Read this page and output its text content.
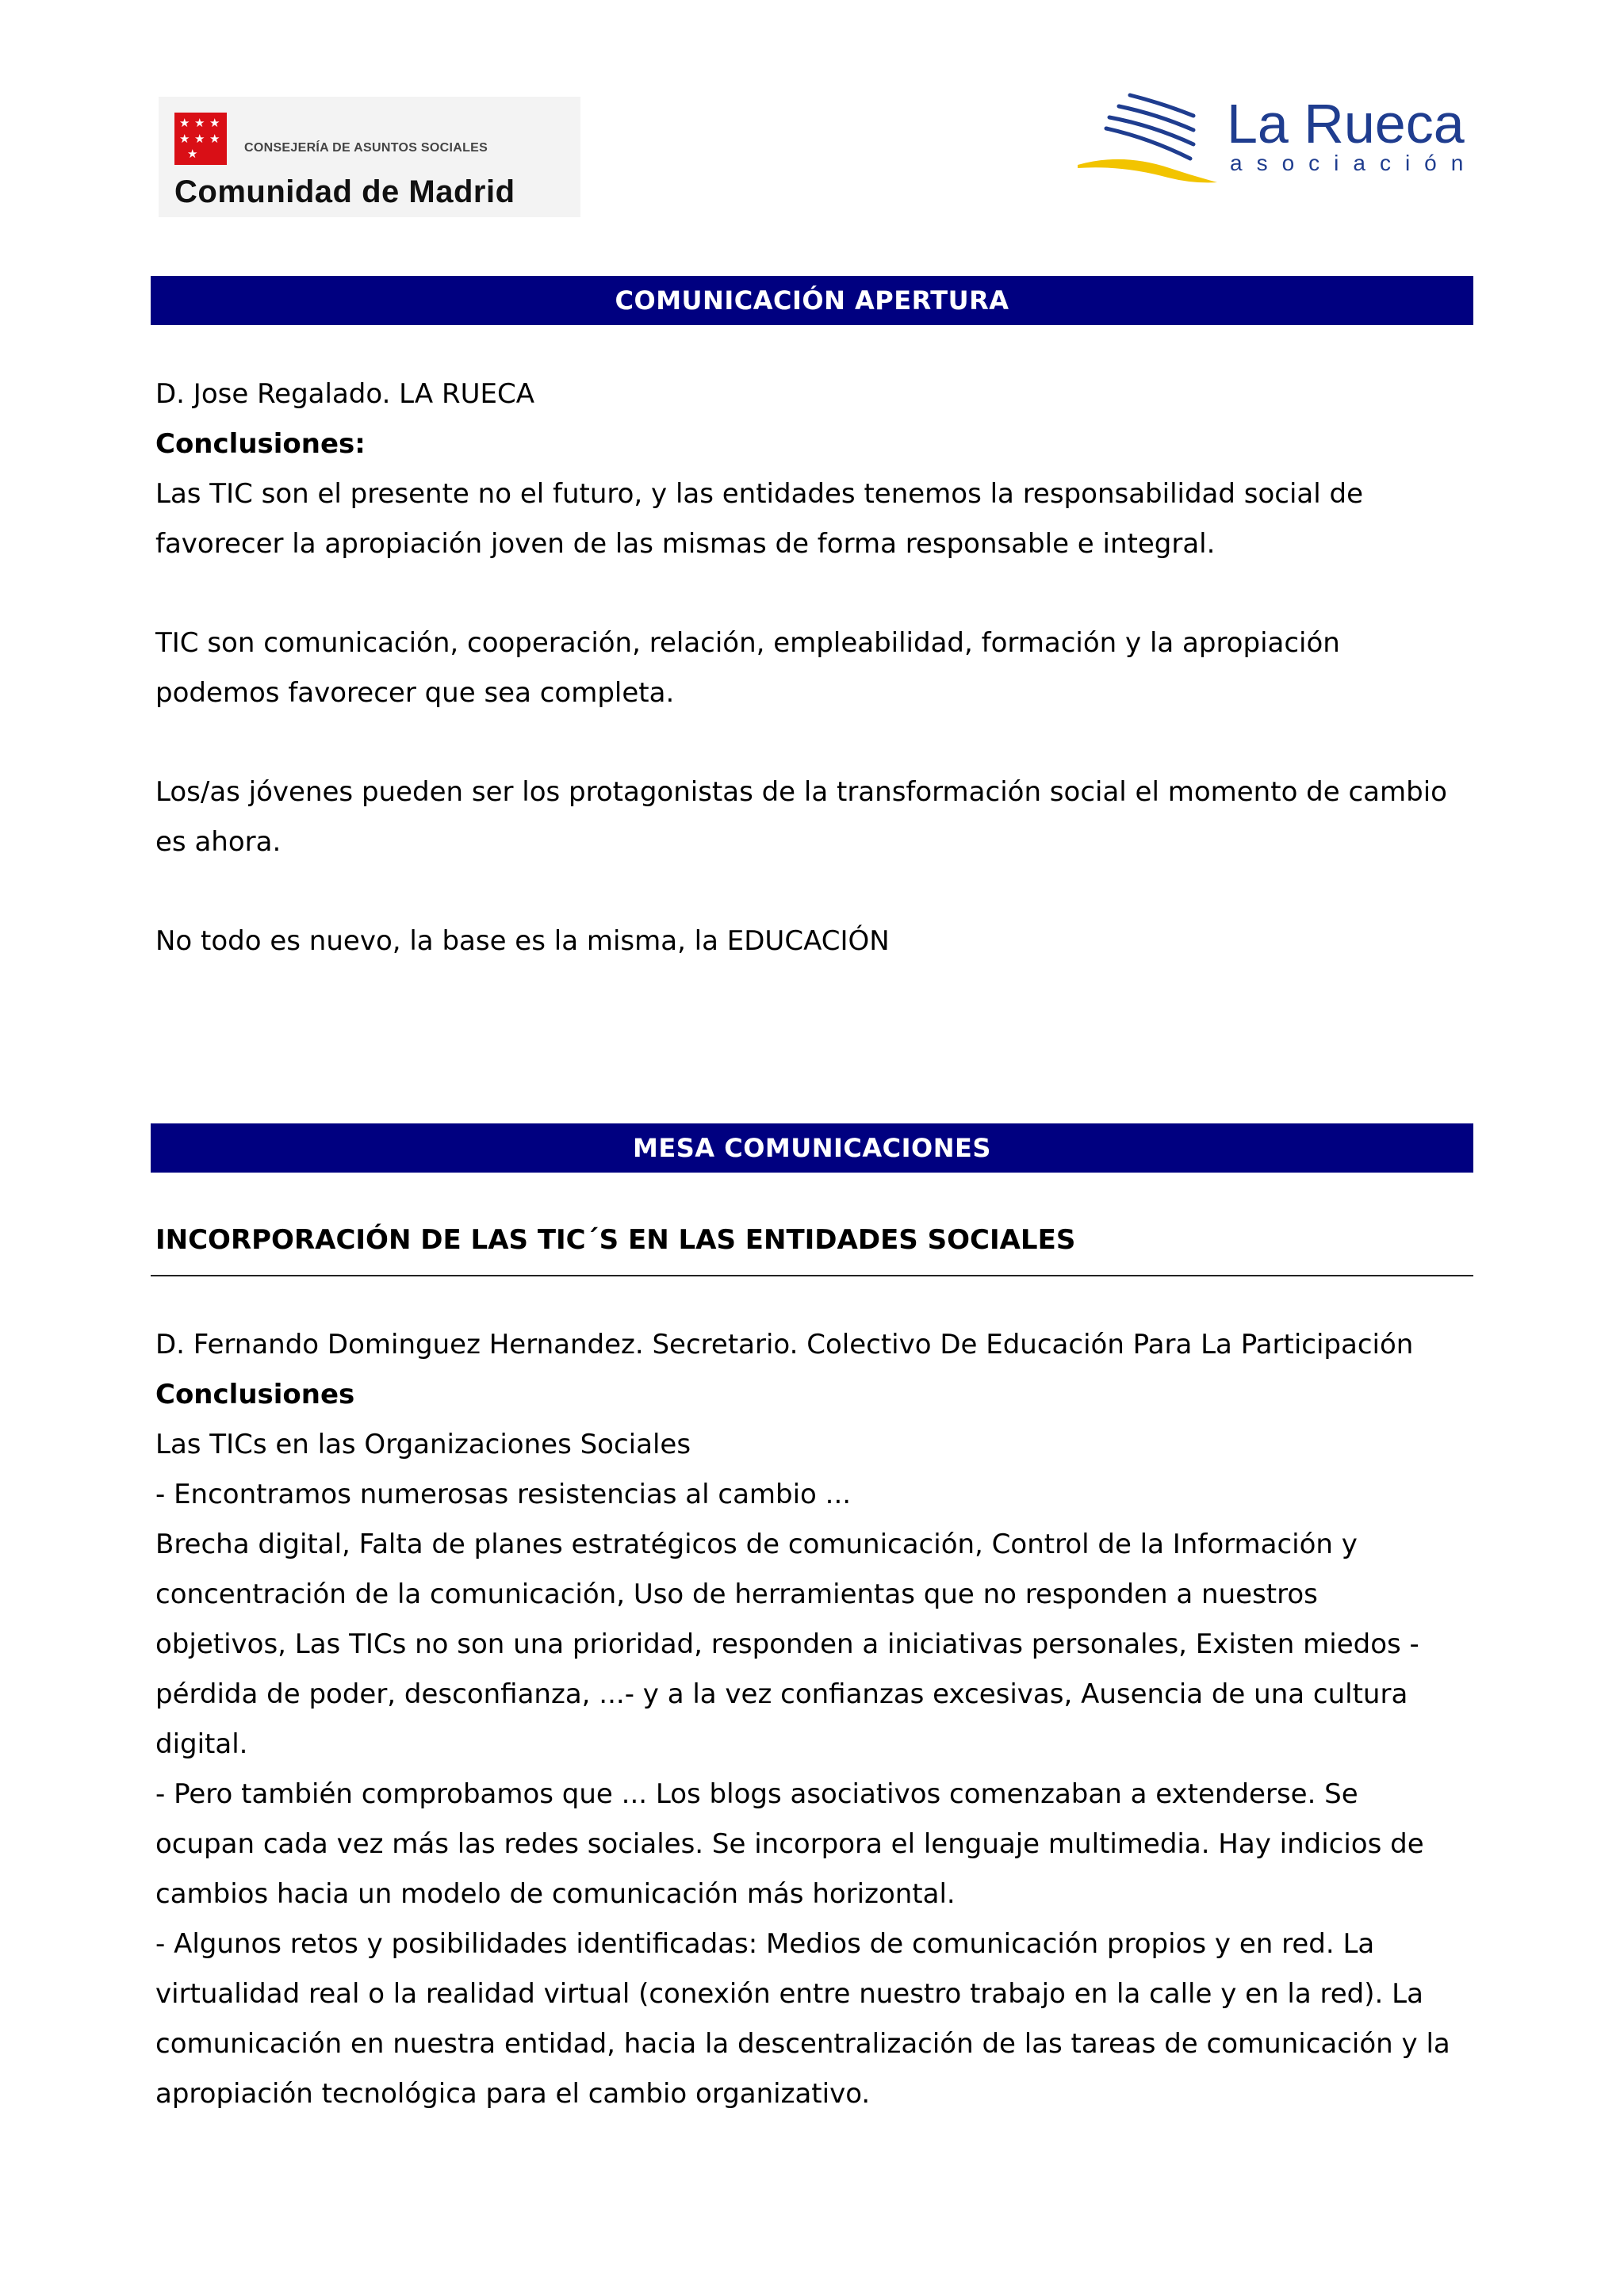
★ ★ ★
★ ★ ★
★	CONSEJERÍA DE ASUNTOS SOCIALES
Comunidad de Madrid
La Rueca
asociación
COMUNICACIÓN APERTURA

D. Jose Regalado. LA RUECA

Conclusiones:

Las TIC son el presente no el futuro, y las entidades tenemos la responsabilidad social de

favorecer la apropiación joven de las mismas de forma responsable e integral.

TIC son comunicación, cooperación, relación, empleabilidad, formación y la apropiación

podemos favorecer que sea completa.

Los/as jóvenes pueden ser los protagonistas de la transformación social el momento de cambio

es ahora.

No todo es nuevo, la base es la misma, la EDUCACIÓN

MESA COMUNICACIONES

INCORPORACIÓN DE LAS TIC´S EN LAS ENTIDADES SOCIALES

D. Fernando Dominguez Hernandez. Secretario. Colectivo De Educación Para La Participación

Conclusiones

Las TICs en las Organizaciones Sociales

- Encontramos numerosas resistencias al cambio ...

Brecha digital, Falta de planes estratégicos de comunicación, Control de la Información y

concentración de la comunicación, Uso de herramientas que no responden a nuestros

objetivos, Las TICs no son una prioridad, responden a iniciativas personales, Existen miedos -

pérdida de poder, desconfianza, ...- y a la vez confianzas excesivas, Ausencia de una cultura

digital.

- Pero también comprobamos que ... Los blogs asociativos comenzaban a extenderse. Se

ocupan cada vez más las redes sociales. Se incorpora el lenguaje multimedia. Hay indicios de

cambios hacia un modelo de comunicación más horizontal.

- Algunos retos y posibilidades identificadas: Medios de comunicación propios y en red. La

virtualidad real o la realidad virtual (conexión entre nuestro trabajo en la calle y en la red). La

comunicación en nuestra entidad, hacia la descentralización de las tareas de comunicación y la

apropiación tecnológica para el cambio organizativo.
